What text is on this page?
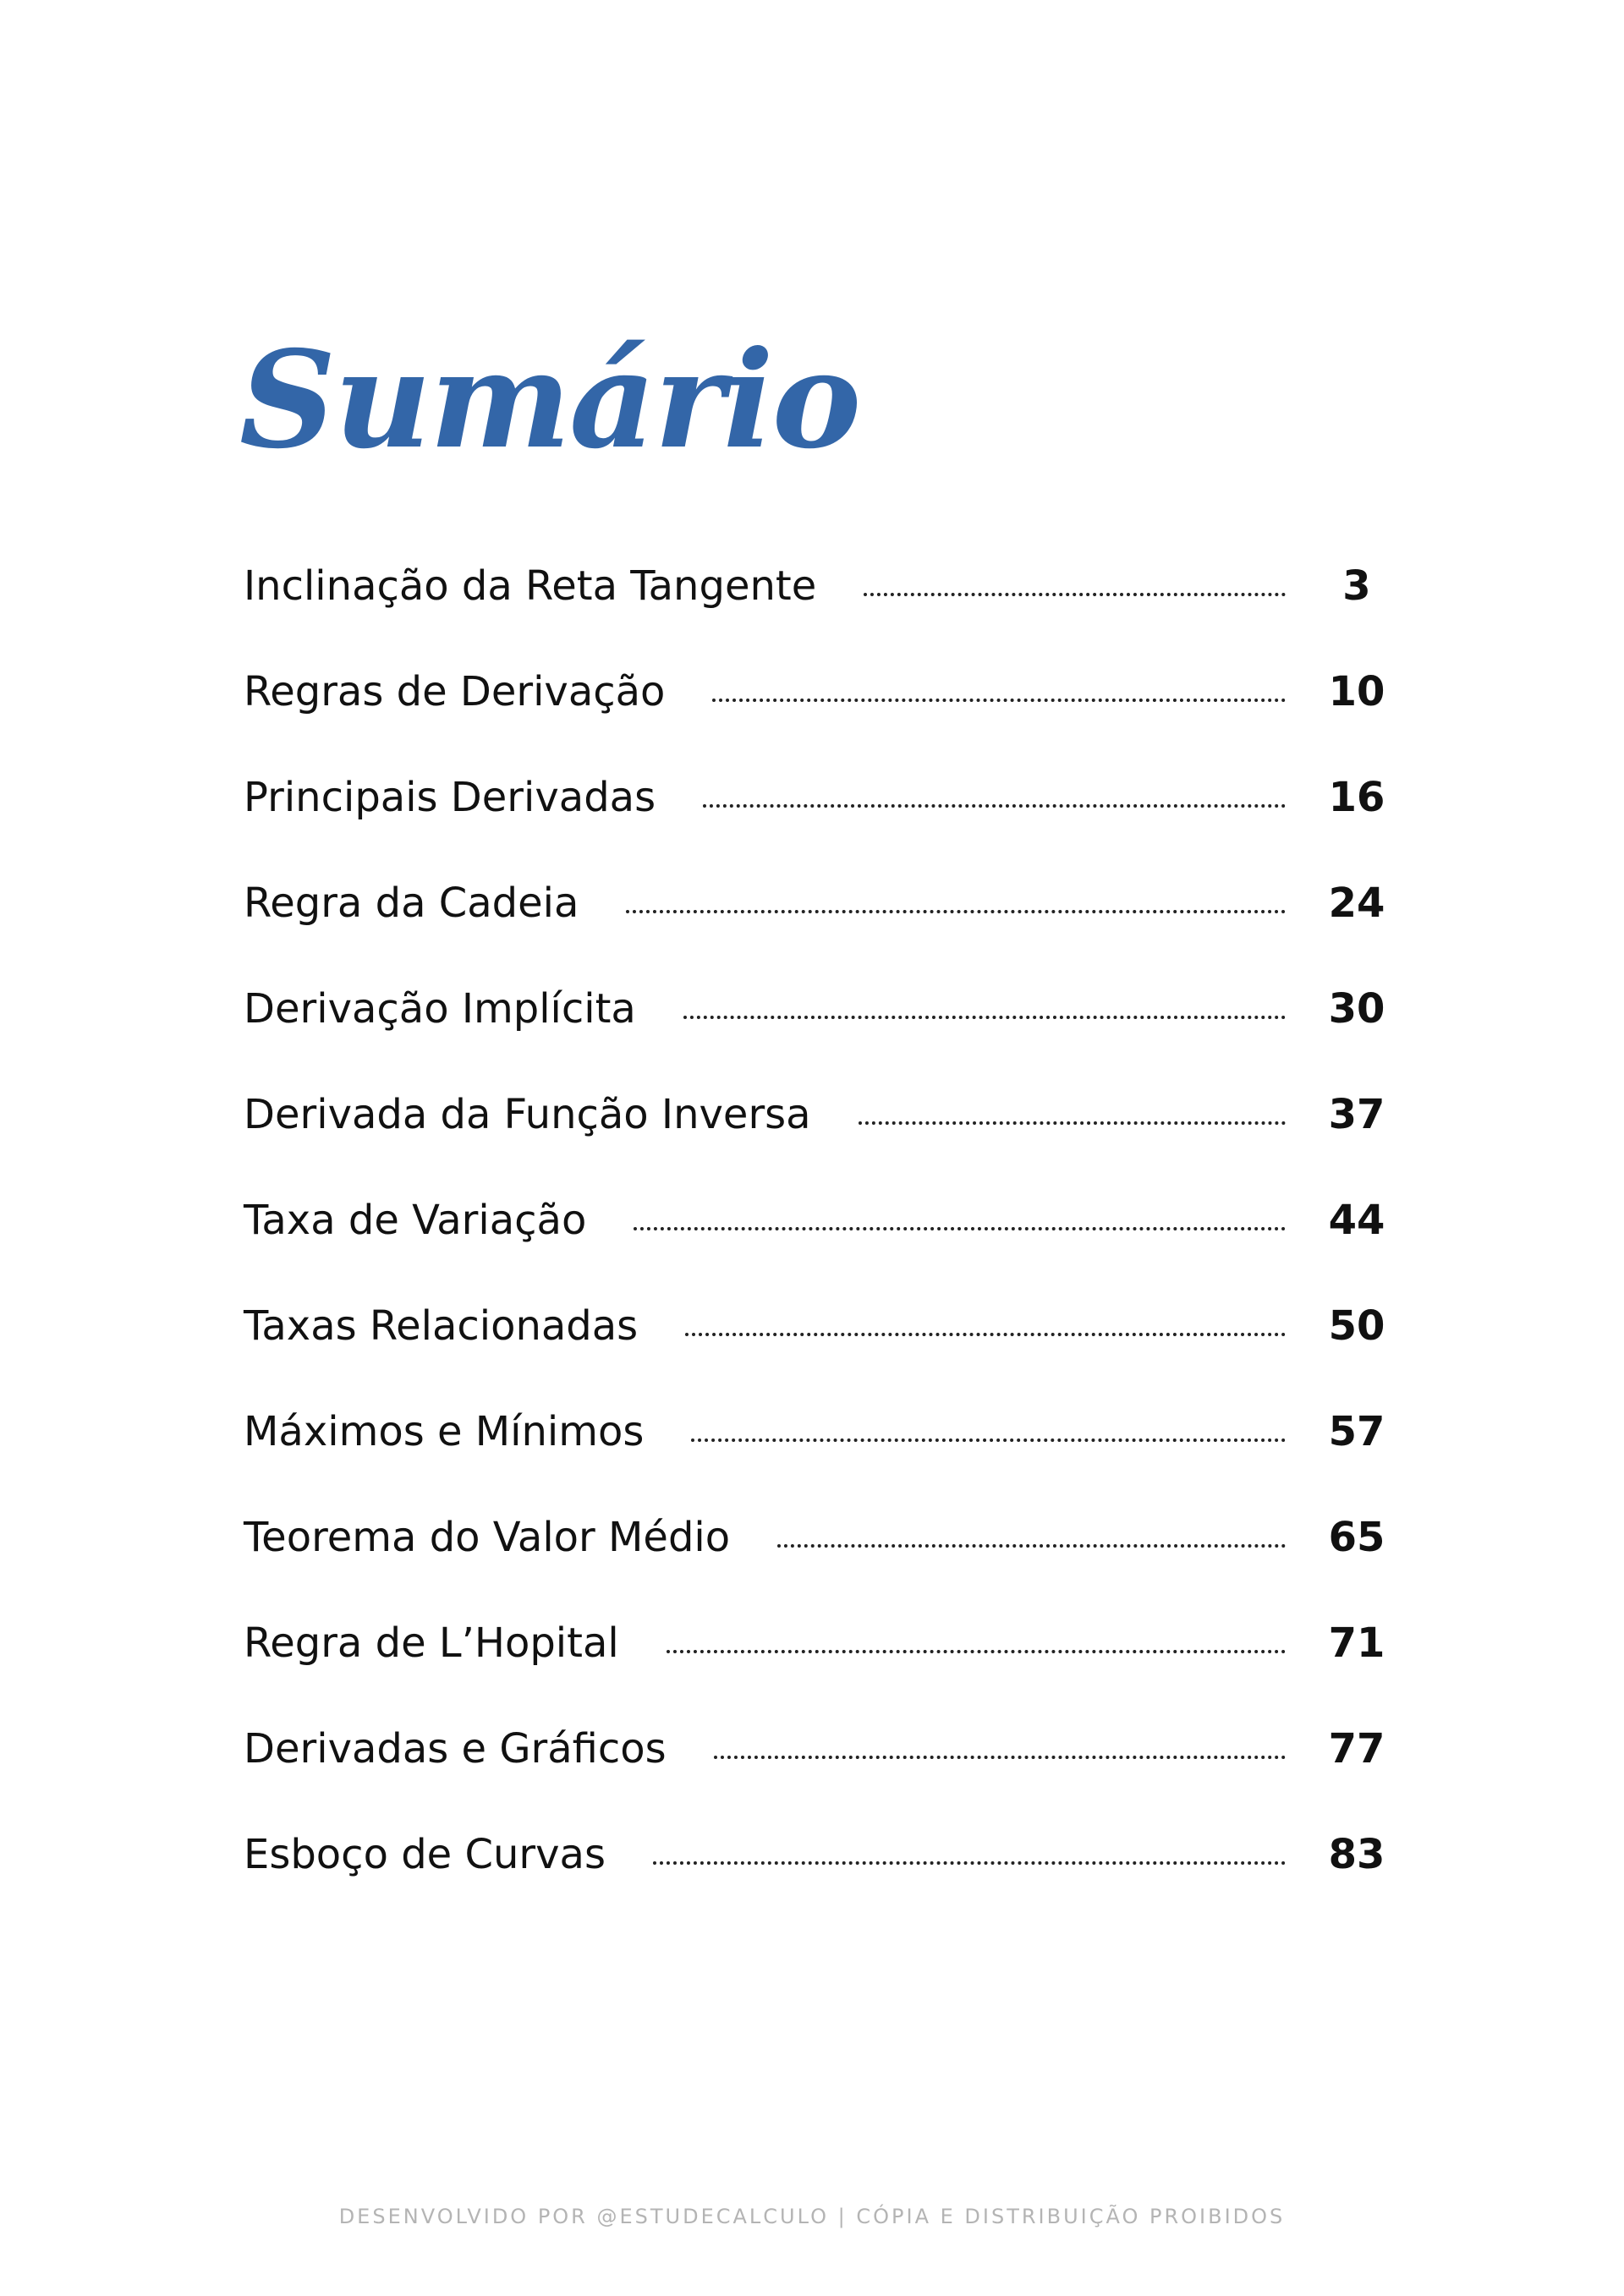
Sumário
Inclinação da Reta Tangente	3
Regras de Derivação	10
Principais Derivadas	16
Regra da Cadeia	24
Derivação Implícita	30
Derivada da Função Inversa	37
Taxa de Variação	44
Taxas Relacionadas	50
Máximos e Mínimos	57
Teorema do Valor Médio	65
Regra de L’Hopital	71
Derivadas e Gráficos	77
Esboço de Curvas	83
DESENVOLVIDO POR @ESTUDECALCULO | CÓPIA E DISTRIBUIÇÃO PROIBIDOS
